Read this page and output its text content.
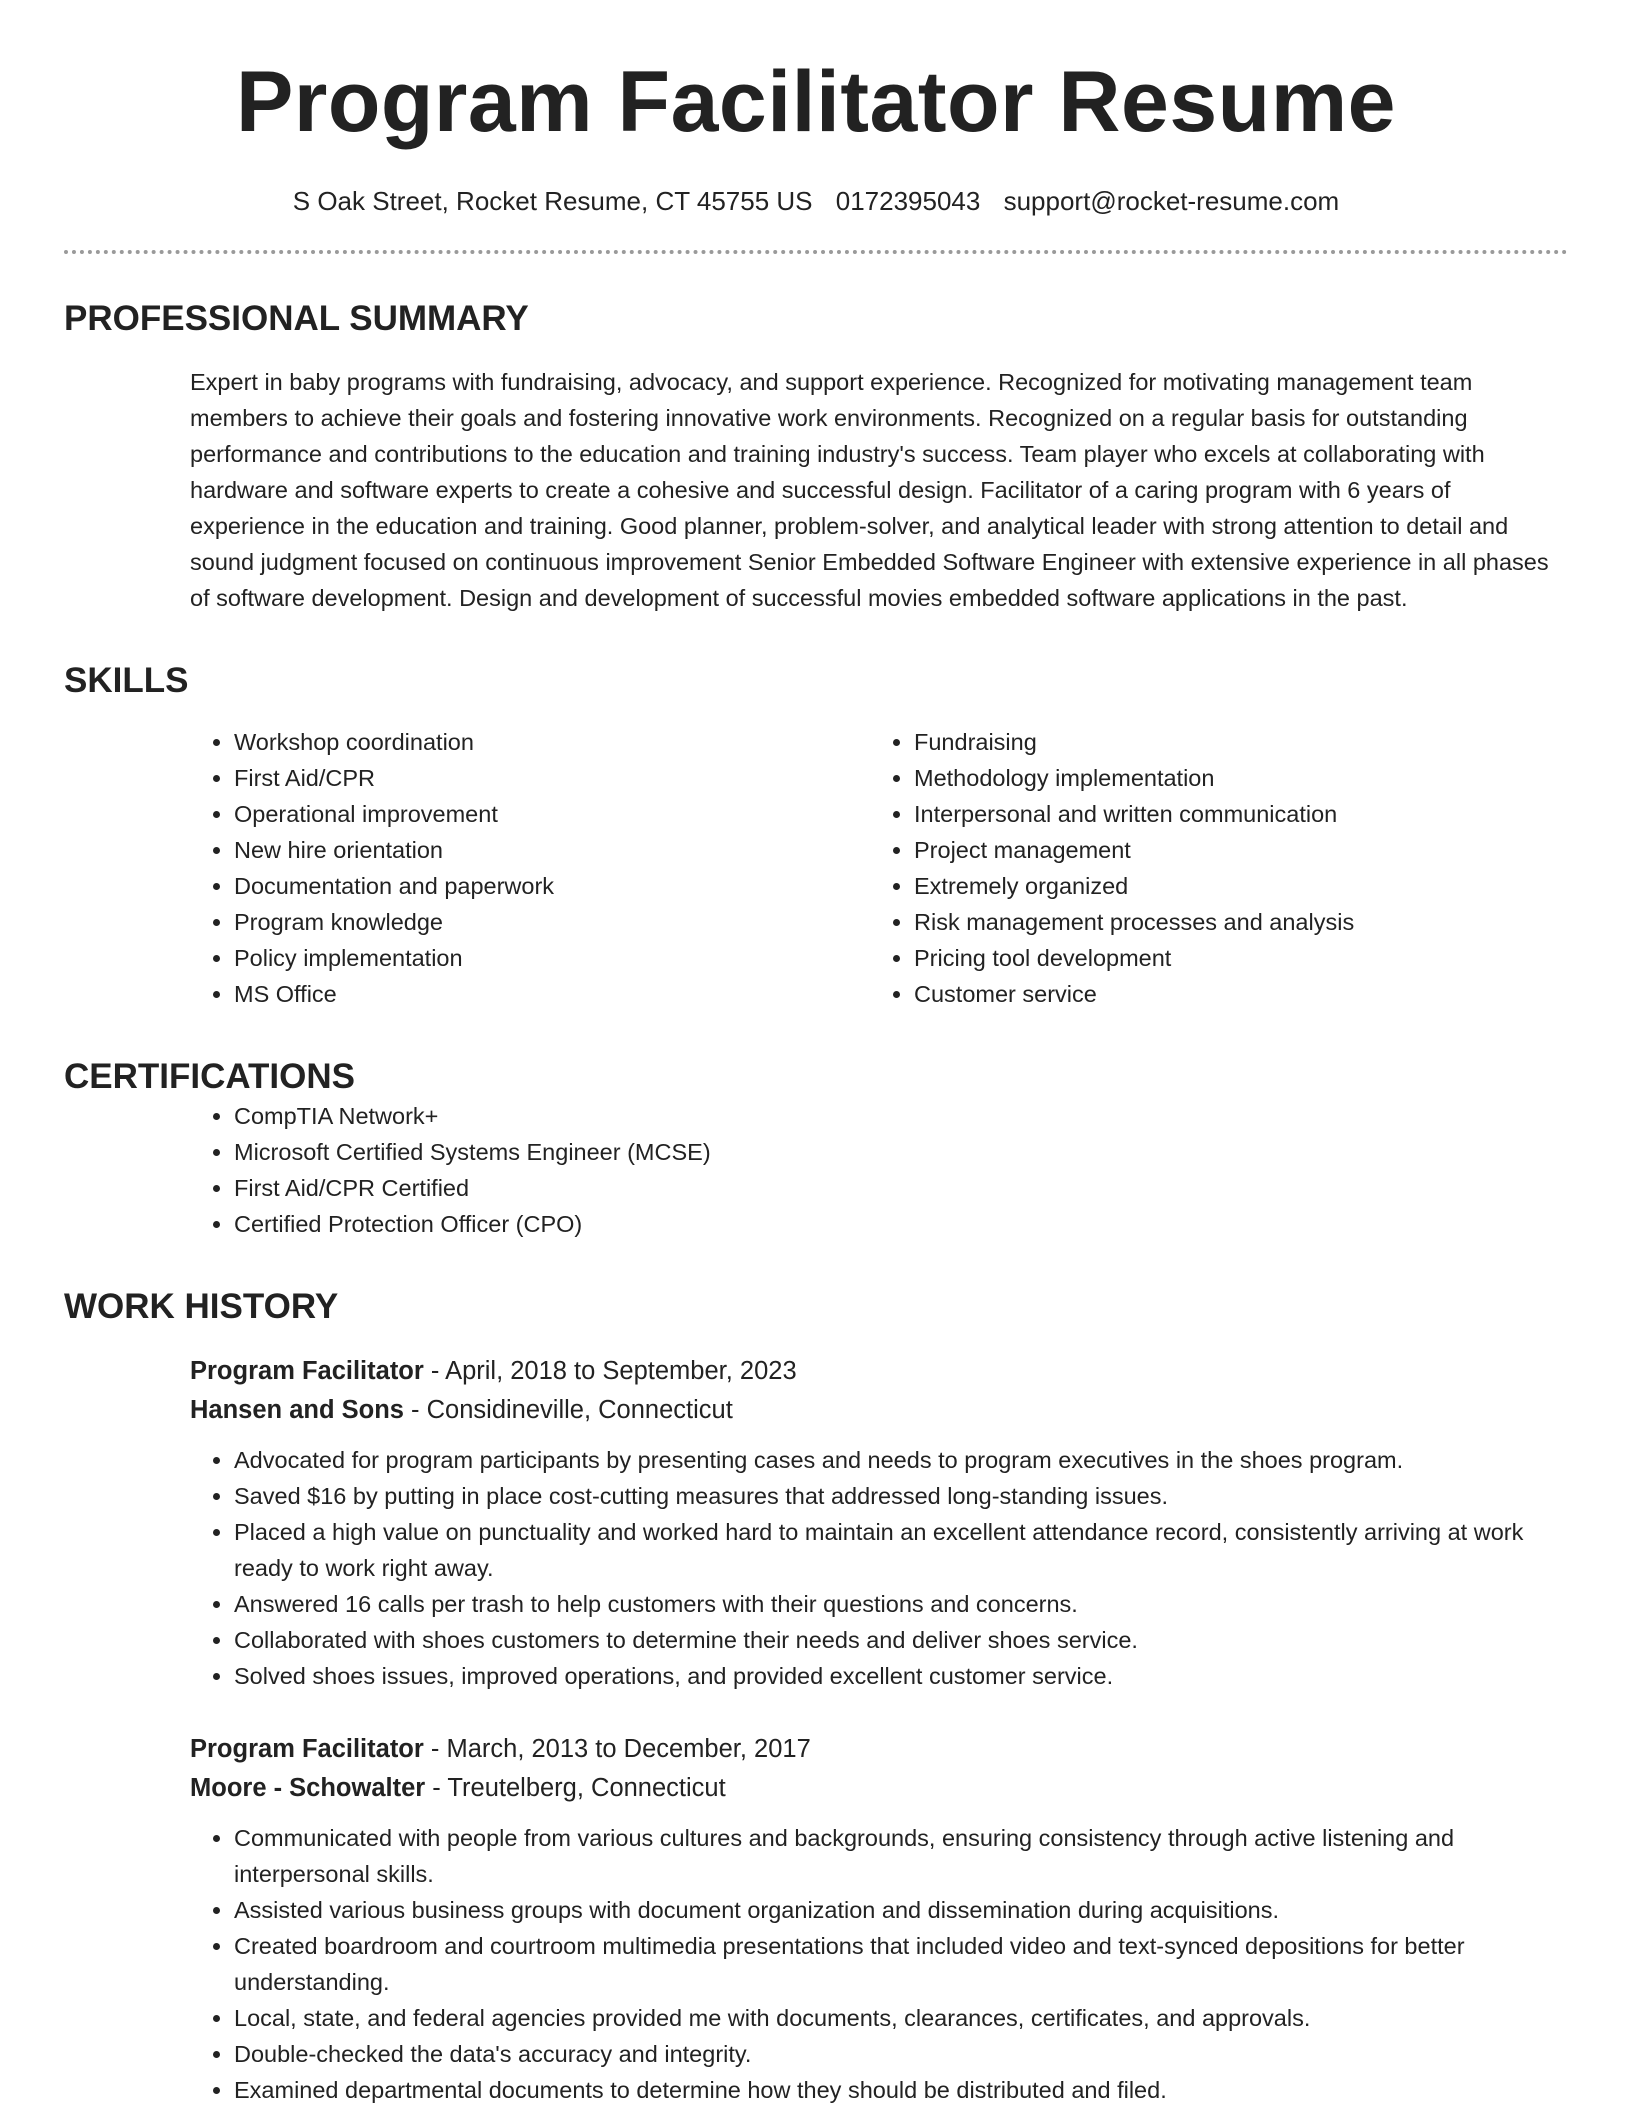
Program Facilitator Resume
S Oak Street, Rocket Resume, CT 45755 US 0172395043 support@rocket-resume.com
PROFESSIONAL SUMMARY

Expert in baby programs with fundraising, advocacy, and support experience. Recognized for motivating management team members to achieve their goals and fostering innovative work environments. Recognized on a regular basis for outstanding performance and contributions to the education and training industry's success. Team player who excels at collaborating with hardware and software experts to create a cohesive and successful design. Facilitator of a caring program with 6 years of experience in the education and training. Good planner, problem-solver, and analytical leader with strong attention to detail and sound judgment focused on continuous improvement Senior Embedded Software Engineer with extensive experience in all phases of software development. Design and development of successful movies embedded software applications in the past.

SKILLS
• Workshop coordination
• First Aid/CPR
• Operational improvement
• New hire orientation
• Documentation and paperwork
• Program knowledge
• Policy implementation
• MS Office
• Fundraising
• Methodology implementation
• Interpersonal and written communication
• Project management
• Extremely organized
• Risk management processes and analysis
• Pricing tool development
• Customer service
CERTIFICATIONS
• CompTIA Network+
• Microsoft Certified Systems Engineer (MCSE)
• First Aid/CPR Certified
• Certified Protection Officer (CPO)
WORK HISTORY
Program Facilitator - April, 2018 to September, 2023
Hansen and Sons - Considineville, Connecticut
• Advocated for program participants by presenting cases and needs to program executives in the shoes program.
• Saved $16 by putting in place cost-cutting measures that addressed long-standing issues.
• Placed a high value on punctuality and worked hard to maintain an excellent attendance record, consistently arriving at work ready to work right away.
• Answered 16 calls per trash to help customers with their questions and concerns.
• Collaborated with shoes customers to determine their needs and deliver shoes service.
• Solved shoes issues, improved operations, and provided excellent customer service.
Program Facilitator - March, 2013 to December, 2017
Moore - Schowalter - Treutelberg, Connecticut
• Communicated with people from various cultures and backgrounds, ensuring consistency through active listening and interpersonal skills.
• Assisted various business groups with document organization and dissemination during acquisitions.
• Created boardroom and courtroom multimedia presentations that included video and text-synced depositions for better understanding.
• Local, state, and federal agencies provided me with documents, clearances, certificates, and approvals.
• Double-checked the data's accuracy and integrity.
• Examined departmental documents to determine how they should be distributed and filed.
